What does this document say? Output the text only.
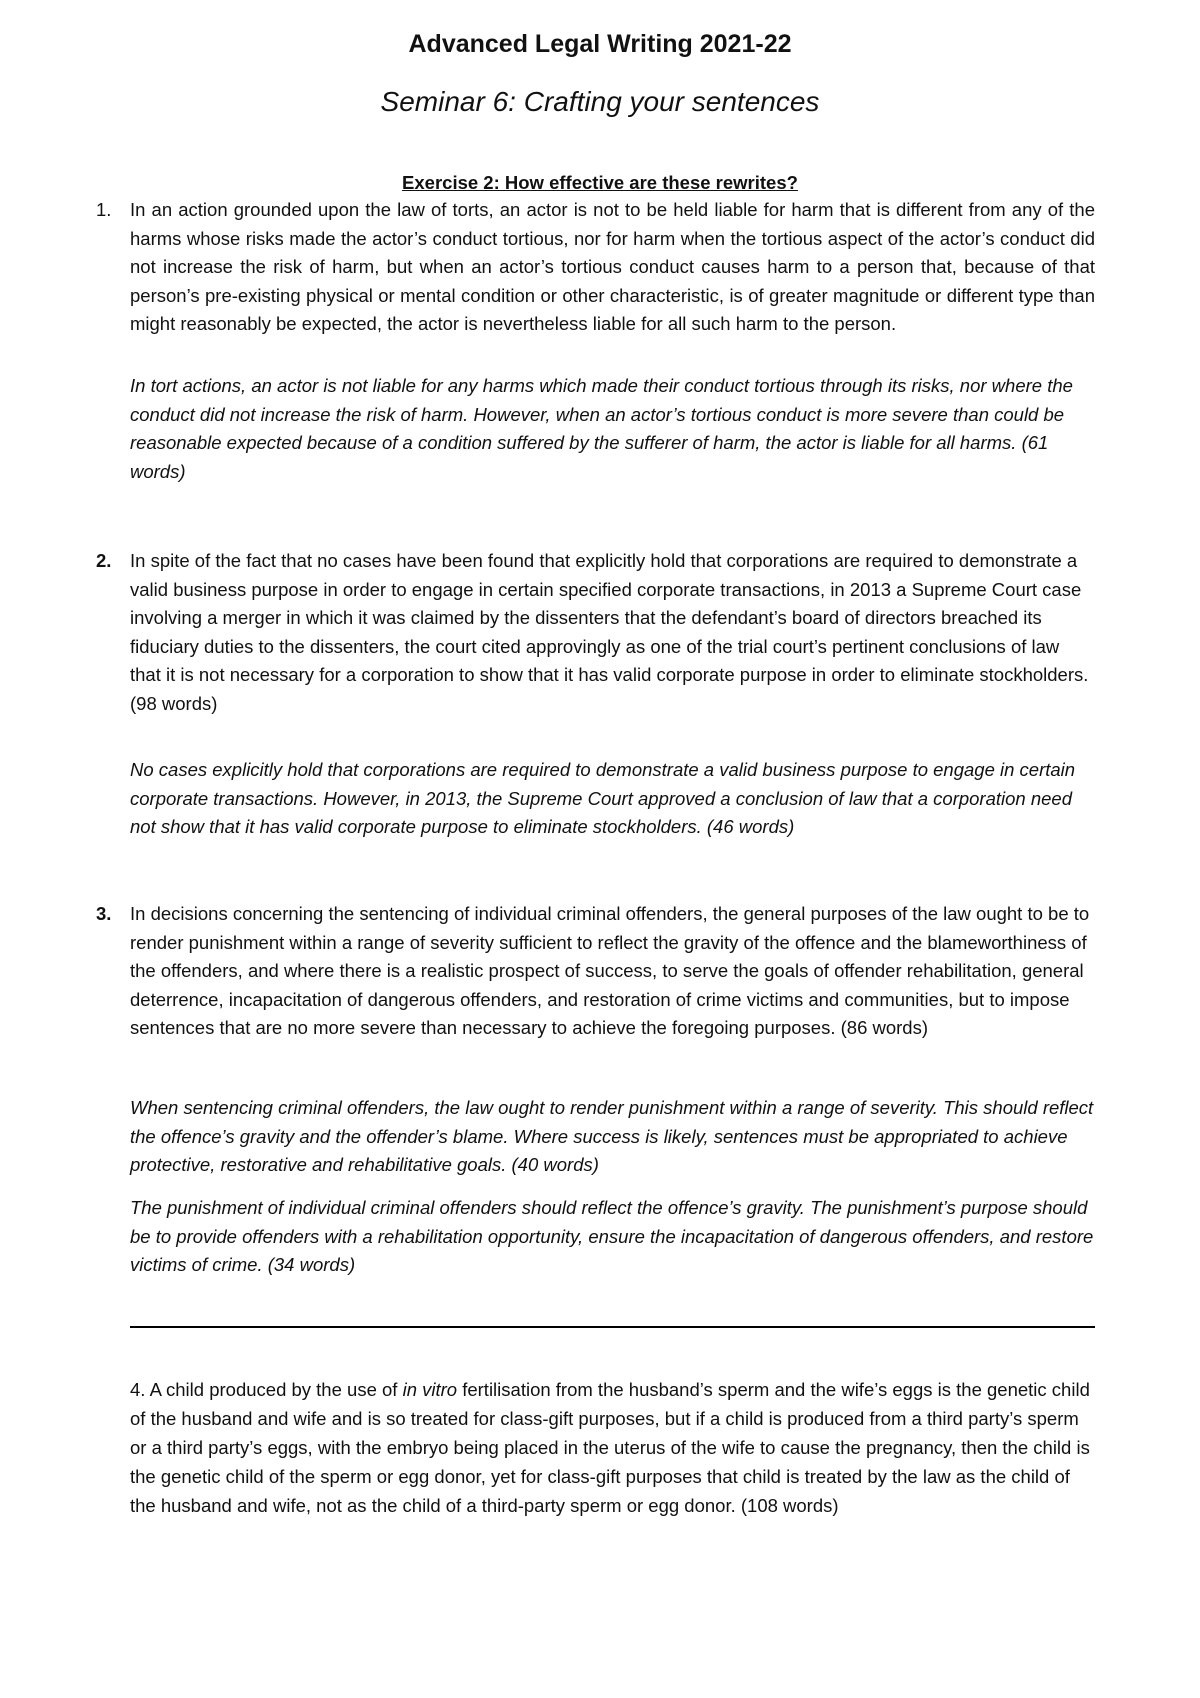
Advanced Legal Writing 2021-22
Seminar 6: Crafting your sentences
Exercise 2: How effective are these rewrites?
1. In an action grounded upon the law of torts, an actor is not to be held liable for harm that is different from any of the harms whose risks made the actor’s conduct tortious, nor for harm when the tortious aspect of the actor’s conduct did not increase the risk of harm, but when an actor’s tortious conduct causes harm to a person that, because of that person’s pre-existing physical or mental condition or other characteristic, is of greater magnitude or different type than might reasonably be expected, the actor is nevertheless liable for all such harm to the person.
In tort actions, an actor is not liable for any harms which made their conduct tortious through its risks, nor where the conduct did not increase the risk of harm. However, when an actor’s tortious conduct is more severe than could be reasonable expected because of a condition suffered by the sufferer of harm, the actor is liable for all harms. (61 words)
2. In spite of the fact that no cases have been found that explicitly hold that corporations are required to demonstrate a valid business purpose in order to engage in certain specified corporate transactions, in 2013 a Supreme Court case involving a merger in which it was claimed by the dissenters that the defendant’s board of directors breached its fiduciary duties to the dissenters, the court cited approvingly as one of the trial court’s pertinent conclusions of law that it is not necessary for a corporation to show that it has valid corporate purpose in order to eliminate stockholders. (98 words)
No cases explicitly hold that corporations are required to demonstrate a valid business purpose to engage in certain corporate transactions. However, in 2013, the Supreme Court approved a conclusion of law that a corporation need not show that it has valid corporate purpose to eliminate stockholders. (46 words)
3. In decisions concerning the sentencing of individual criminal offenders, the general purposes of the law ought to be to render punishment within a range of severity sufficient to reflect the gravity of the offence and the blameworthiness of the offenders, and where there is a realistic prospect of success, to serve the goals of offender rehabilitation, general deterrence, incapacitation of dangerous offenders, and restoration of crime victims and communities, but to impose sentences that are no more severe than necessary to achieve the foregoing purposes. (86 words)
When sentencing criminal offenders, the law ought to render punishment within a range of severity. This should reflect the offence’s gravity and the offender’s blame. Where success is likely, sentences must be appropriated to achieve protective, restorative and rehabilitative goals. (40 words)
The punishment of individual criminal offenders should reflect the offence’s gravity. The punishment’s purpose should be to provide offenders with a rehabilitation opportunity, ensure the incapacitation of dangerous offenders, and restore victims of crime. (34 words)
4. A child produced by the use of in vitro fertilisation from the husband’s sperm and the wife’s eggs is the genetic child of the husband and wife and is so treated for class-gift purposes, but if a child is produced from a third party’s sperm or a third party’s eggs, with the embryo being placed in the uterus of the wife to cause the pregnancy, then the child is the genetic child of the sperm or egg donor, yet for class-gift purposes that child is treated by the law as the child of the husband and wife, not as the child of a third-party sperm or egg donor. (108 words)
